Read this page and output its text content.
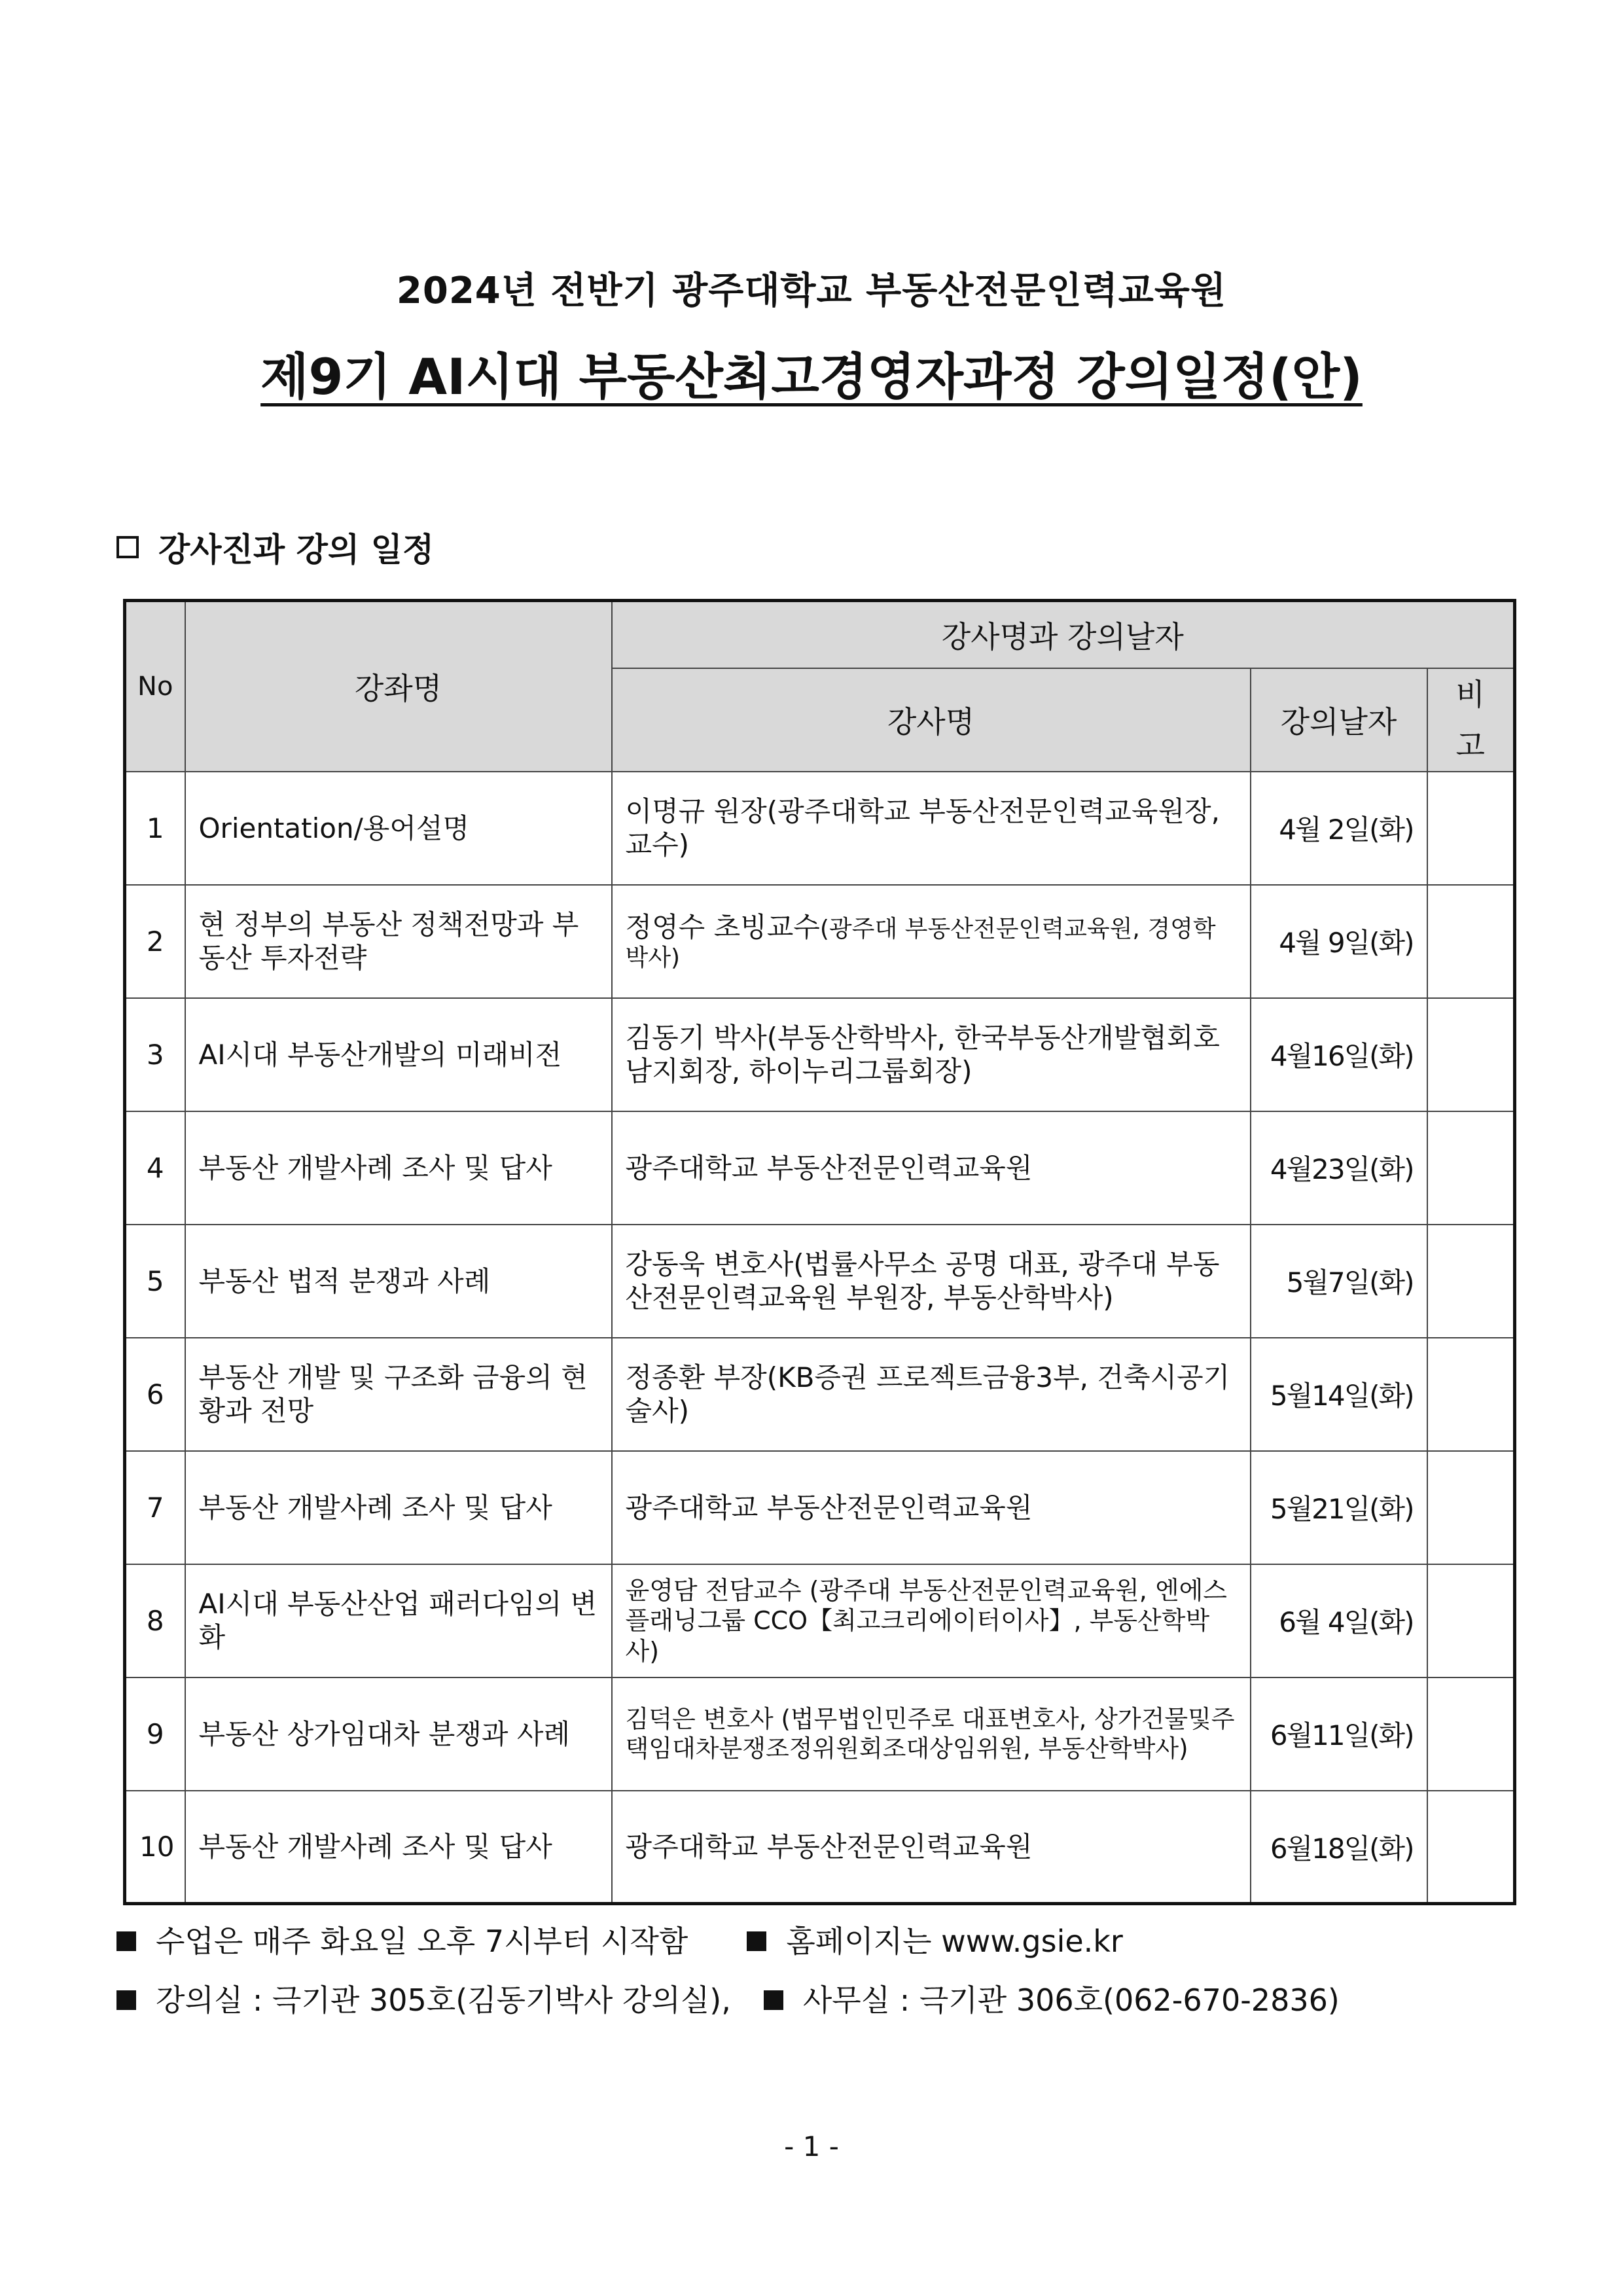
2024년 전반기 광주대학교 부동산전문인력교육원
제9기 AI시대 부동산최고경영자과정 강의일정(안)
강사진과 강의 일정
No	강좌명	강사명과 강의날자		
		강사명	강의날자	비고
1	Orientation/용어설명	이명규 원장(광주대학교 부동산전문인력교육원장, 교수)	4월 2일(화)	
2	현 정부의 부동산 정책전망과 부동산 투자전략	정영수 초빙교수(광주대 부동산전문인력교육원, 경영학박사)	4월 9일(화)	
3	AI시대 부동산개발의 미래비전	김동기 박사(부동산학박사, 한국부동산개발협회호남지회장, 하이누리그룹회장)	4월16일(화)	
4	부동산 개발사례 조사 및 답사	광주대학교 부동산전문인력교육원	4월23일(화)	
5	부동산 법적 분쟁과 사례	강동욱 변호사(법률사무소 공명 대표, 광주대 부동산전문인력교육원 부원장, 부동산학박사)	5월7일(화)	
6	부동산 개발 및 구조화 금융의 현황과 전망	정종환 부장(KB증권 프로젝트금융3부, 건축시공기술사)	5월14일(화)	
7	부동산 개발사례 조사 및 답사	광주대학교 부동산전문인력교육원	5월21일(화)	
8	AI시대 부동산산업 패러다임의 변화	윤영담 전담교수 (광주대 부동산전문인력교육원, 엔에스플래닝그룹 CCO【최고크리에이터이사】, 부동산학박사)	6월 4일(화)	
9	부동산 상가임대차 분쟁과 사례	김덕은 변호사 (법무법인민주로 대표변호사, 상가건물및주택임대차분쟁조정위원회조대상임위원, 부동산학박사)	6월11일(화)	
10	부동산 개발사례 조사 및 답사	광주대학교 부동산전문인력교육원	6월18일(화)	
수업은 매주 화요일 오후 7시부터 시작함	홈페이지는 www.gsie.kr
강의실 : 극기관 305호(김동기박사 강의실), 사무실 : 극기관 306호(062-670-2836)
- 1 -
